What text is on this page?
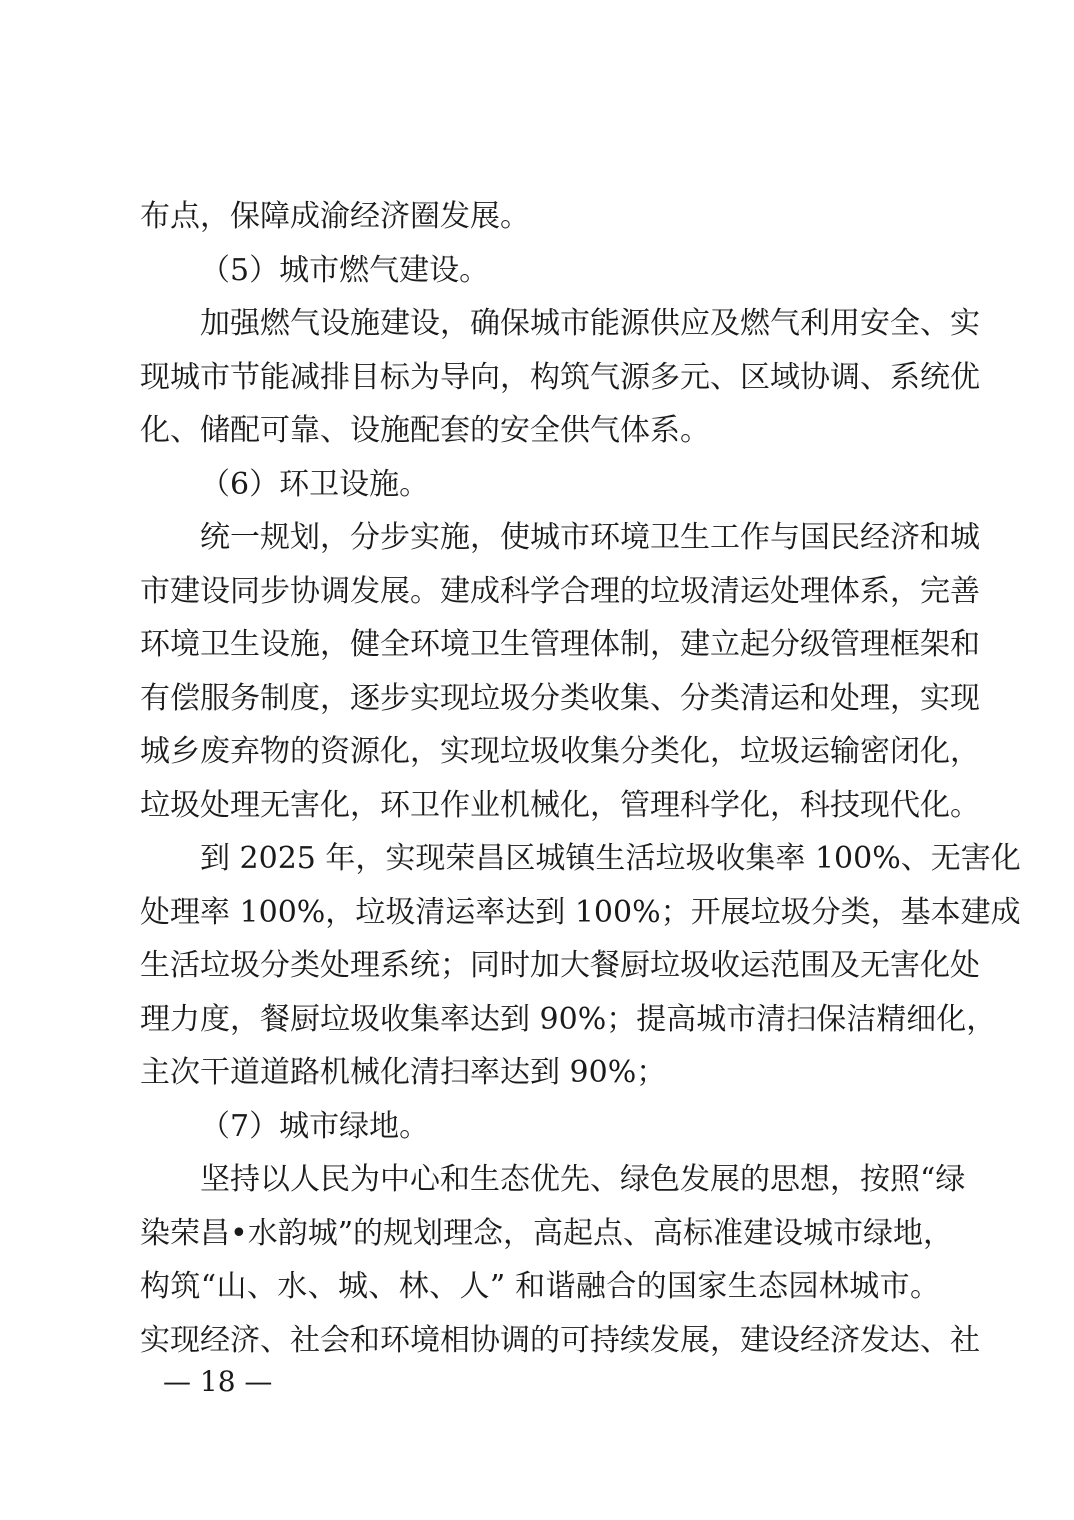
布点，保障成渝经济圈发展。
（5）城市燃气建设。
加强燃气设施建设，确保城市能源供应及燃气利用安全、实
现城市节能减排目标为导向，构筑气源多元、区域协调、系统优
化、储配可靠、设施配套的安全供气体系。
（6）环卫设施。
统一规划，分步实施，使城市环境卫生工作与国民经济和城
市建设同步协调发展。建成科学合理的垃圾清运处理体系，完善
环境卫生设施，健全环境卫生管理体制，建立起分级管理框架和
有偿服务制度，逐步实现垃圾分类收集、分类清运和处理，实现
城乡废弃物的资源化，实现垃圾收集分类化，垃圾运输密闭化，
垃圾处理无害化，环卫作业机械化，管理科学化，科技现代化。
到 2025 年，实现荣昌区城镇生活垃圾收集率 100%、无害化
处理率 100%，垃圾清运率达到 100%；开展垃圾分类，基本建成
生活垃圾分类处理系统；同时加大餐厨垃圾收运范围及无害化处
理力度，餐厨垃圾收集率达到 90%；提高城市清扫保洁精细化，
主次干道道路机械化清扫率达到 90%；
（7）城市绿地。
坚持以人民为中心和生态优先、绿色发展的思想，按照“绿
染荣昌•水韵城”的规划理念，高起点、高标准建设城市绿地，
构筑“山、水、城、林、人” 和谐融合的国家生态园林城市。
实现经济、社会和环境相协调的可持续发展，建设经济发达、社
— 18 —
